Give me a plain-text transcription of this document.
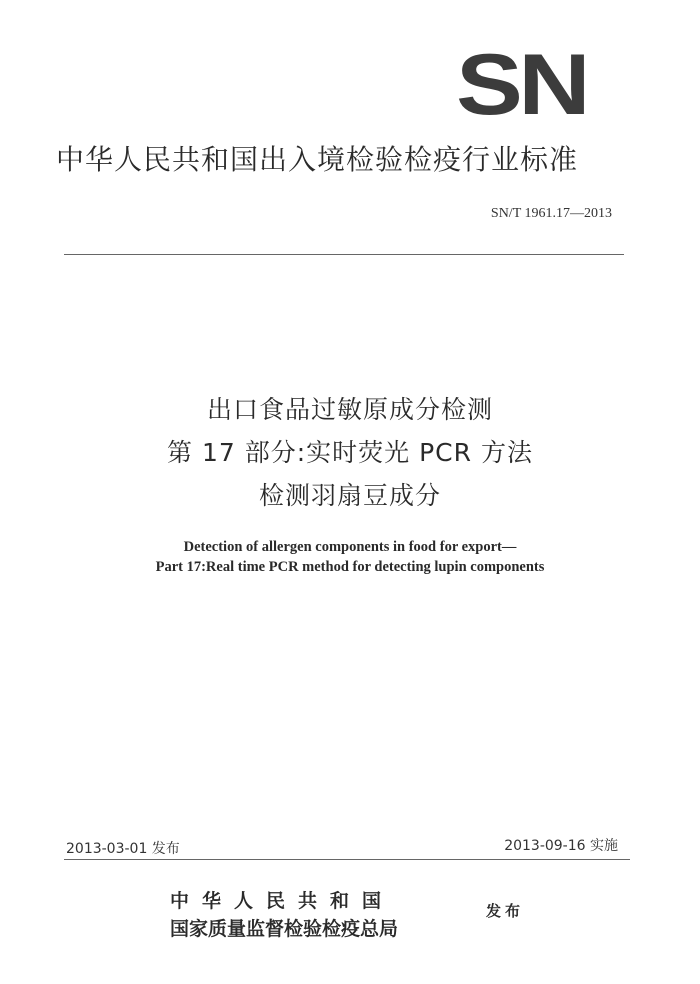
SN
中华人民共和国出入境检验检疫行业标准
SN/T 1961.17—2013
出口食品过敏原成分检测
第 17 部分:实时荧光 PCR 方法
检测羽扇豆成分
Detection of allergen components in food for export—
Part 17:Real time PCR method for detecting lupin components
2013-03-01 发布	2013-09-16 实施
中华人民共和国
国家质量监督检验检疫总局
发布
